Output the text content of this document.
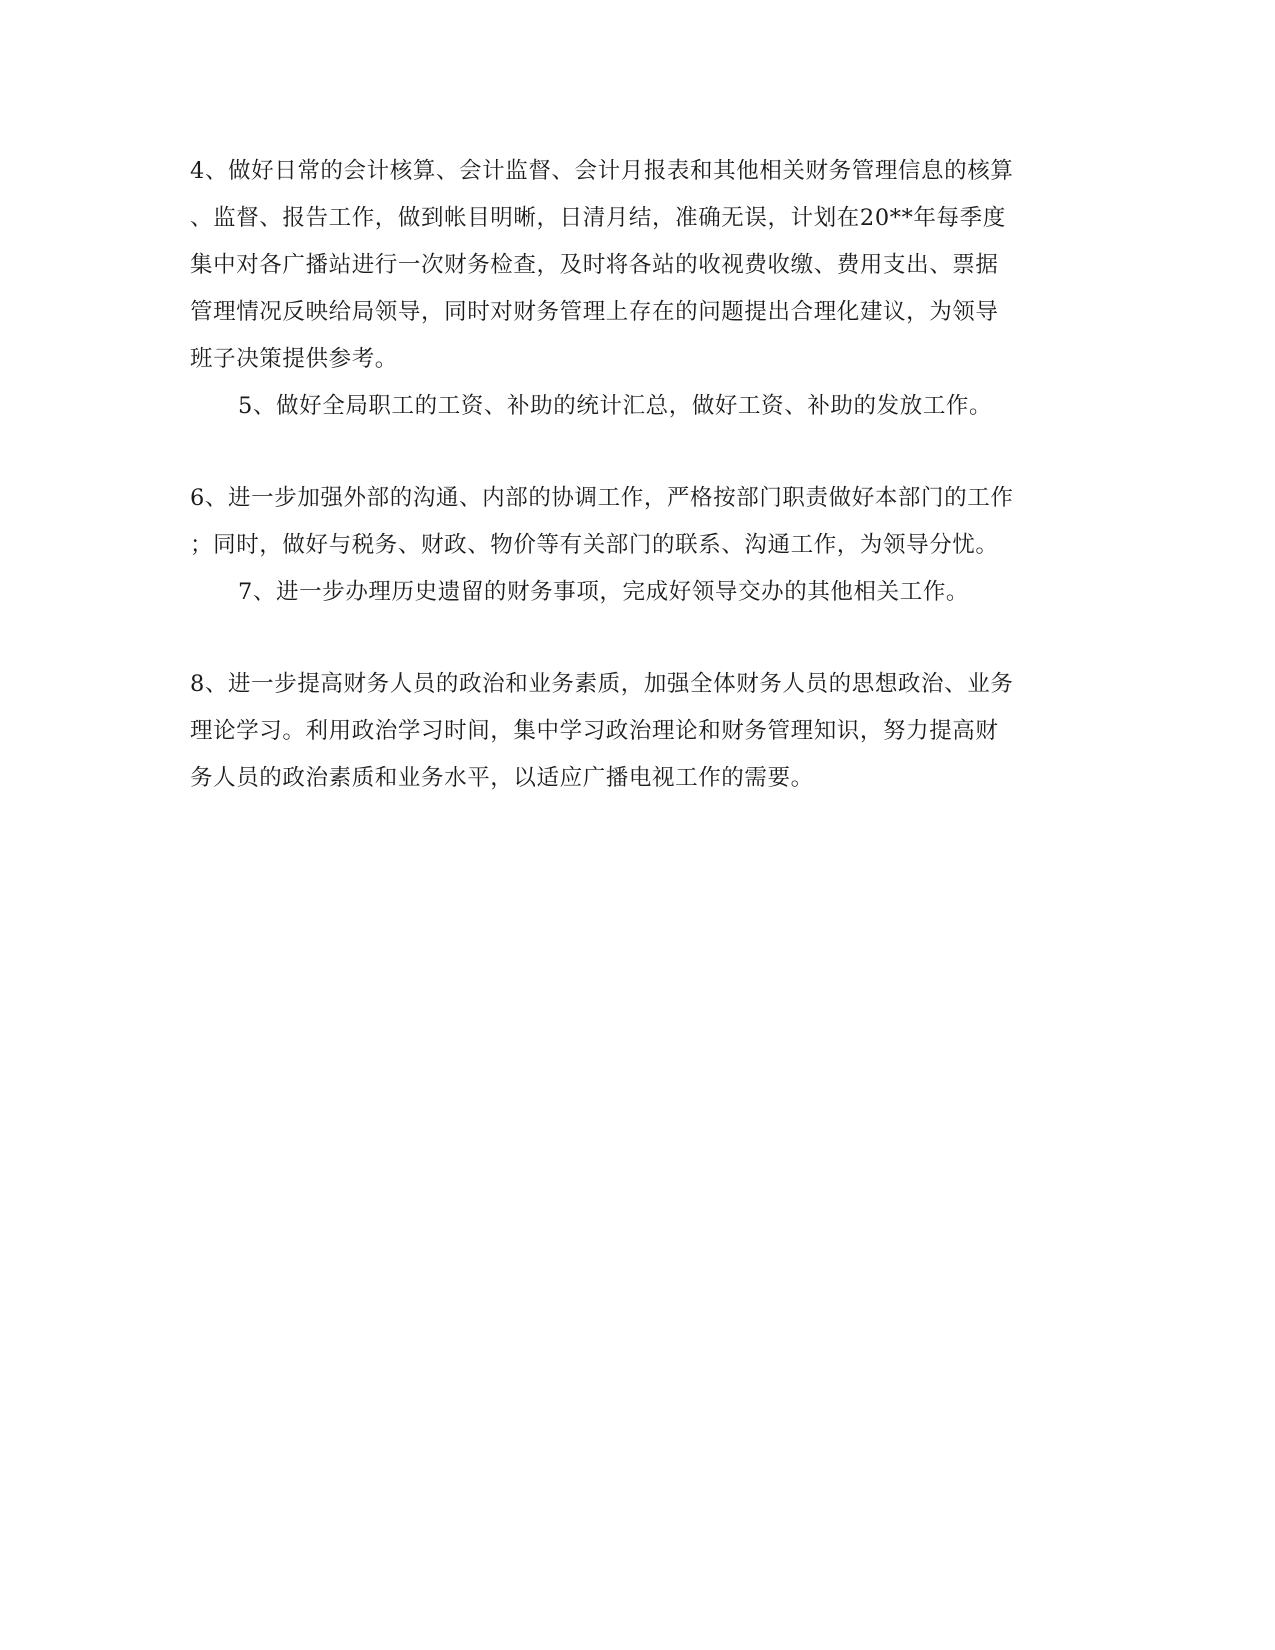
4、做好日常的会计核算、会计监督、会计月报表和其他相关财务管理信息的核算
、监督、报告工作，做到帐目明晰，日清月结，准确无误，计划在20**年每季度
集中对各广播站进行一次财务检查，及时将各站的收视费收缴、费用支出、票据
管理情况反映给局领导，同时对财务管理上存在的问题提出合理化建议，为领导
班子决策提供参考。
5、做好全局职工的工资、补助的统计汇总，做好工资、补助的发放工作。
6、进一步加强外部的沟通、内部的协调工作，严格按部门职责做好本部门的工作
；同时，做好与税务、财政、物价等有关部门的联系、沟通工作，为领导分忧。
7、进一步办理历史遗留的财务事项，完成好领导交办的其他相关工作。
8、进一步提高财务人员的政治和业务素质，加强全体财务人员的思想政治、业务
理论学习。利用政治学习时间，集中学习政治理论和财务管理知识，努力提高财
务人员的政治素质和业务水平，以适应广播电视工作的需要。
